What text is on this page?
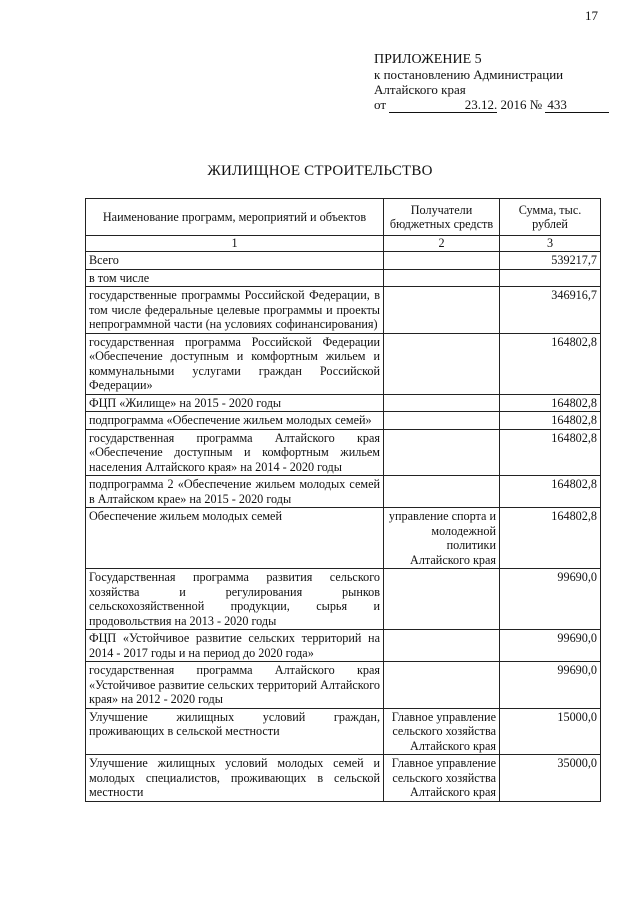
17
ПРИЛОЖЕНИЕ 5
к постановлению Администрации
Алтайского края
от	23.12. 2016 № 433
ЖИЛИЩНОЕ СТРОИТЕЛЬСТВО
Наименование программ, мероприятий и объектов	Получатели бюджетных средств	Сумма, тыс. рублей
1	2	3
Всего		539217,7
в том числе		
государственные программы Российской Федерации, в том числе федеральные целевые программы и проекты непрограммной части (на условиях софинансирования)		346916,7
государственная программа Российской Федерации «Обеспечение доступным и комфортным жильем и коммунальными услугами граждан Российской Федерации»		164802,8
ФЦП «Жилище» на 2015 - 2020 годы		164802,8
подпрограмма «Обеспечение жильем молодых семей»		164802,8
государственная программа Алтайского края «Обеспечение доступным и комфортным жильем населения Алтайского края» на 2014 - 2020 годы		164802,8
подпрограмма 2 «Обеспечение жильем молодых семей в Алтайском крае» на 2015 - 2020 годы		164802,8
Обеспечение жильем молодых семей	управление спорта и молодежной политики Алтайского края	164802,8
Государственная программа развития сельского хозяйства и регулирования рынков сельскохозяйственной продукции, сырья и продовольствия на 2013 - 2020 годы		99690,0
ФЦП «Устойчивое развитие сельских территорий на 2014 - 2017 годы и на период до 2020 года»		99690,0
государственная программа Алтайского края «Устойчивое развитие сельских территорий Алтайского края» на 2012 - 2020 годы		99690,0
Улучшение жилищных условий граждан, проживающих в сельской местности	Главное управление сельского хозяйства Алтайского края	15000,0
Улучшение жилищных условий молодых семей и молодых специалистов, проживающих в сельской местности	Главное управление сельского хозяйства Алтайского края	35000,0
